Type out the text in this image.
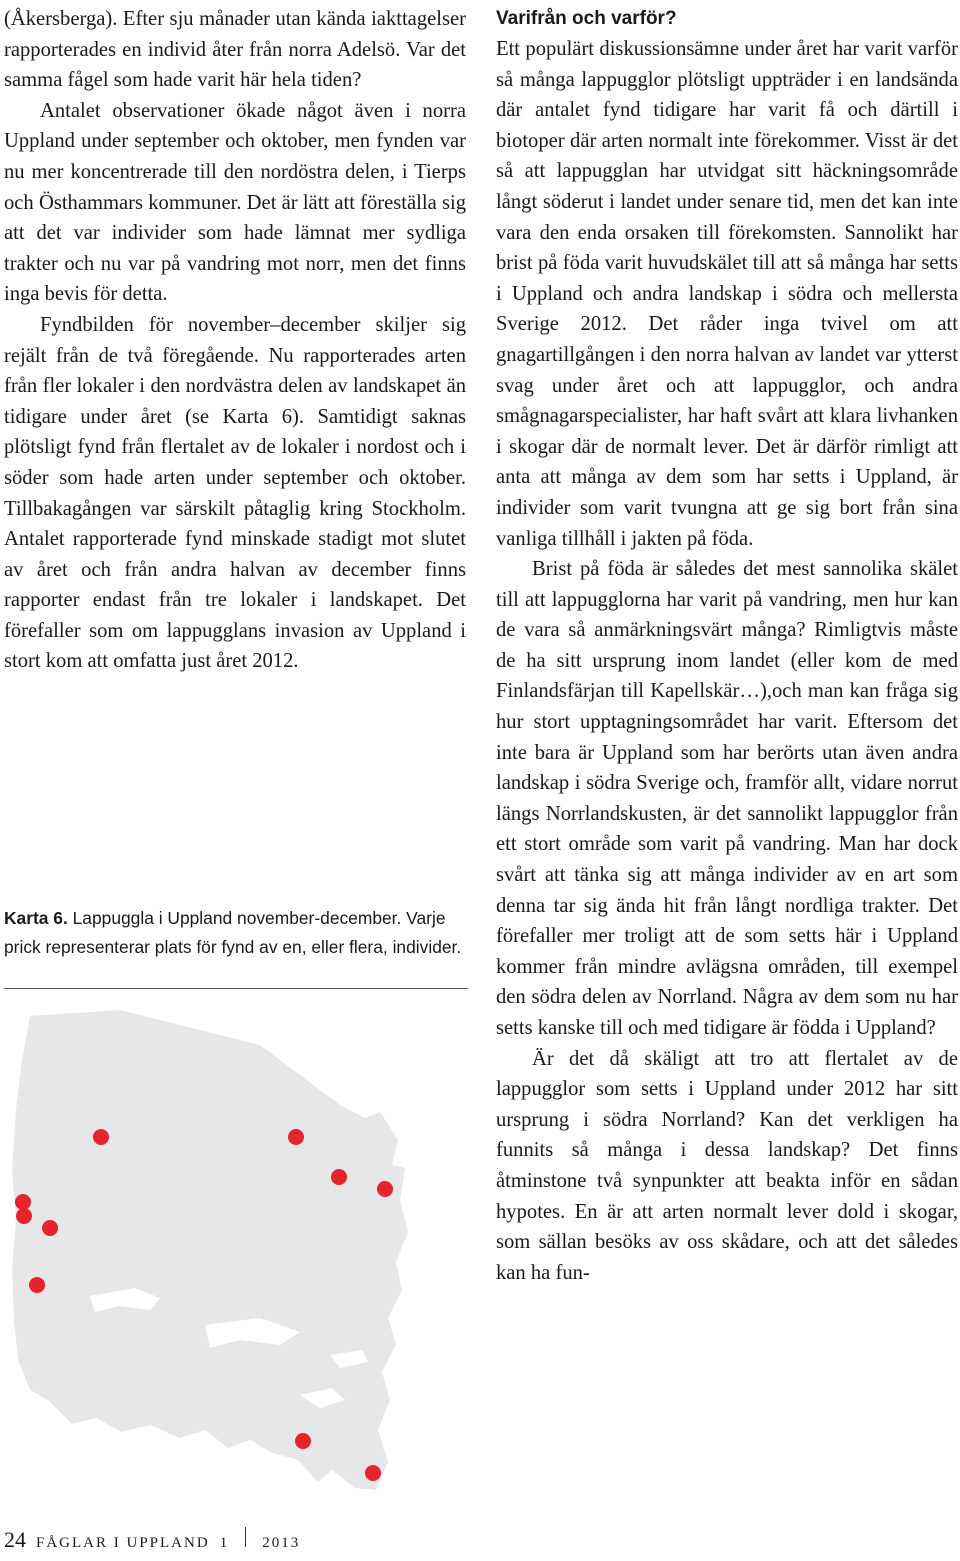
(Åkersberga). Efter sju månader utan kända iakttagelser rapporterades en individ åter från norra Adelsö. Var det samma fågel som hade varit här hela tiden?

Antalet observationer ökade något även i norra Uppland under september och oktober, men fynden var nu mer koncentrerade till den nordöstra delen, i Tierps och Östhammars kommuner. Det är lätt att föreställa sig att det var individer som hade lämnat mer sydliga trakter och nu var på vandring mot norr, men det finns inga bevis för detta.

Fyndbilden för november–december skiljer sig rejält från de två föregående. Nu rapporterades arten från fler lokaler i den nordvästra delen av landskapet än tidigare under året (se Karta 6). Samtidigt saknas plötsligt fynd från flertalet av de lokaler i nordost och i söder som hade arten under september och oktober. Tillbakagången var särskilt påtaglig kring Stockholm. Antalet rapporterade fynd minskade stadigt mot slutet av året och från andra halvan av december finns rapporter endast från tre lokaler i landskapet. Det förefaller som om lappugglans invasion av Uppland i stort kom att omfatta just året 2012.

Karta 6. Lappuggla i Uppland november-december. Varje prick representerar plats för fynd av en, eller flera, individer.

Varifrån och varför?

Ett populärt diskussionsämne under året har varit varför så många lappugglor plötsligt uppträder i en landsända där antalet fynd tidigare har varit få och därtill i biotoper där arten normalt inte förekommer. Visst är det så att lappugglan har utvidgat sitt häckningsområde långt söderut i landet under senare tid, men det kan inte vara den enda orsaken till förekomsten. Sannolikt har brist på föda varit huvudskälet till att så många har setts i Uppland och andra landskap i södra och mellersta Sverige 2012. Det råder inga tvivel om att gnagartillgången i den norra halvan av landet var ytterst svag under året och att lappugglor, och andra smågnagarspecialister, har haft svårt att klara livhanken i skogar där de normalt lever. Det är därför rimligt att anta att många av dem som har setts i Uppland, är individer som varit tvungna att ge sig bort från sina vanliga tillhåll i jakten på föda.

Brist på föda är således det mest sannolika skälet till att lappugglorna har varit på vandring, men hur kan de vara så anmärkningsvärt många? Rimligtvis måste de ha sitt ursprung inom landet (eller kom de med Finlandsfärjan till Kapellskär…),och man kan fråga sig hur stort upptagningsområdet har varit. Eftersom det inte bara är Uppland som har berörts utan även andra landskap i södra Sverige och, framför allt, vidare norrut längs Norrlandskusten, är det sannolikt lappugglor från ett stort område som varit på vandring. Man har dock svårt att tänka sig att många individer av en art som denna tar sig ända hit från långt nordliga trakter. Det förefaller mer troligt att de som setts här i Uppland kommer från mindre avlägsna områden, till exempel den södra delen av Norrland. Några av dem som nu har setts kanske till och med tidigare är födda i Uppland?

Är det då skäligt att tro att flertalet av de lappugglor som setts i Uppland under 2012 har sitt ursprung i södra Norrland? Kan det verkligen ha funnits så många i dessa landskap? Det finns åtminstone två synpunkter att beakta inför en sådan hypotes. En är att arten normalt lever dold i skogar, som sällan besöks av oss skådare, och att det således kan ha fun-

24 FÅGLAR I UPPLAND 1 2013
